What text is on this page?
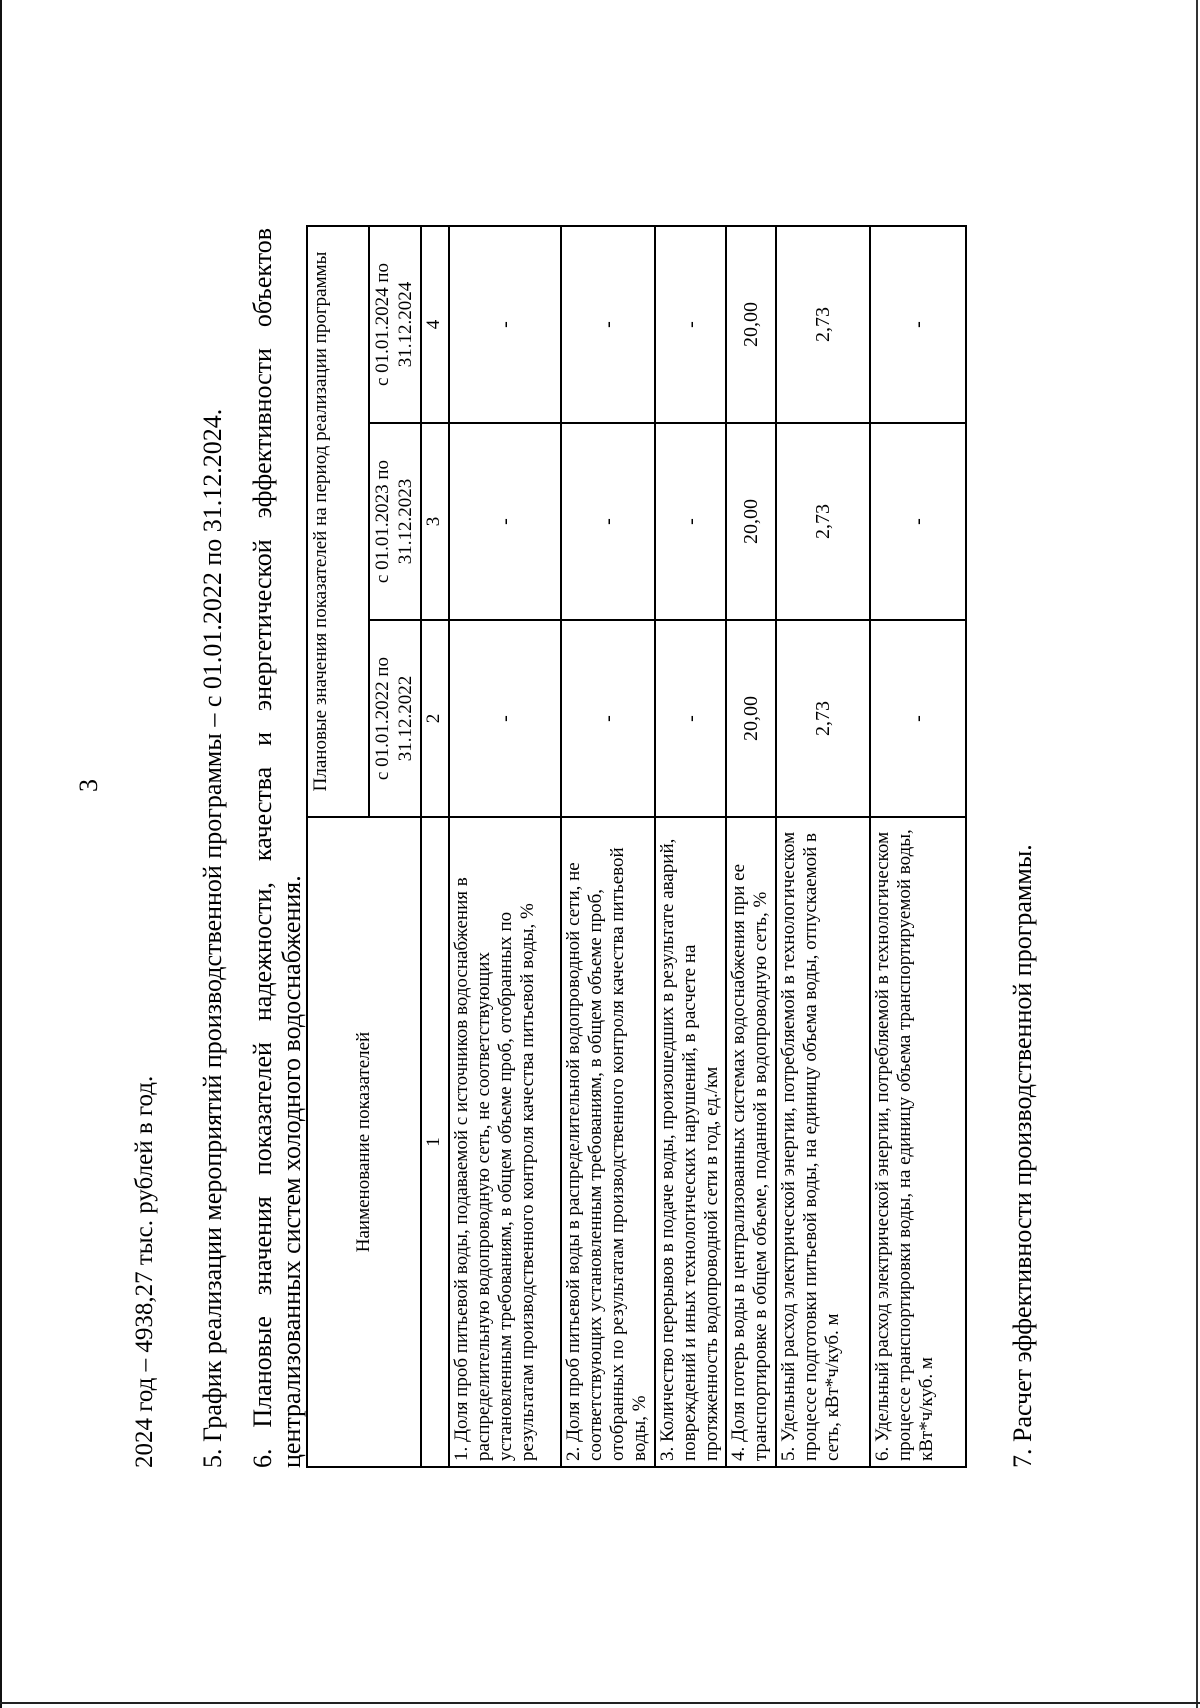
3
2024 год – 4938,27 тыс. рублей в год. 5. График реализации мероприятий производственной программы – с 01.01.2022 по 31.12.2024. 6. Плановые значения показателей надежности, качества и энергетической эффективности объектов централизованных систем холодного водоснабжения. Наименование показателей	Плановые значения показателей на период реализации программы		
	с 01.01.2022 по 31.12.2022	с 01.01.2023 по 31.12.2023	с 01.01.2024 по 31.12.2024
1	2	3	4
1. Доля проб питьевой воды, подаваемой с источников водоснабжения в распределительную водопроводную сеть, не соответствующих установленным требованиям, в общем объеме проб, отобранных по результатам производственного контроля качества питьевой воды, %	-	-	-
2. Доля проб питьевой воды в распределительной водопроводной сети, не соответствующих установленным требованиям, в общем объеме проб, отобранных по результатам производственного контроля качества питьевой воды, %	-	-	-
3. Количество перерывов в подаче воды, произошедших в результате аварий, повреждений и иных технологических нарушений, в расчете на протяженность водопроводной сети в год, ед./км	-	-	-
4. Доля потерь воды в централизованных системах водоснабжения при ее транспортировке в общем объеме, поданной в водопроводную сеть, %	20,00	20,00	20,00
5. Удельный расход электрической энергии, потребляемой в технологическом процессе подготовки питьевой воды, на единицу объема воды, отпускаемой в сеть, кВт*ч/куб. м	2,73	2,73	2,73
6. Удельный расход электрической энергии, потребляемой в технологическом процессе транспортировки воды, на единицу объема транспортируемой воды, кВт*ч/куб. м	-	-	-
7. Расчет эффективности производственной программы.
